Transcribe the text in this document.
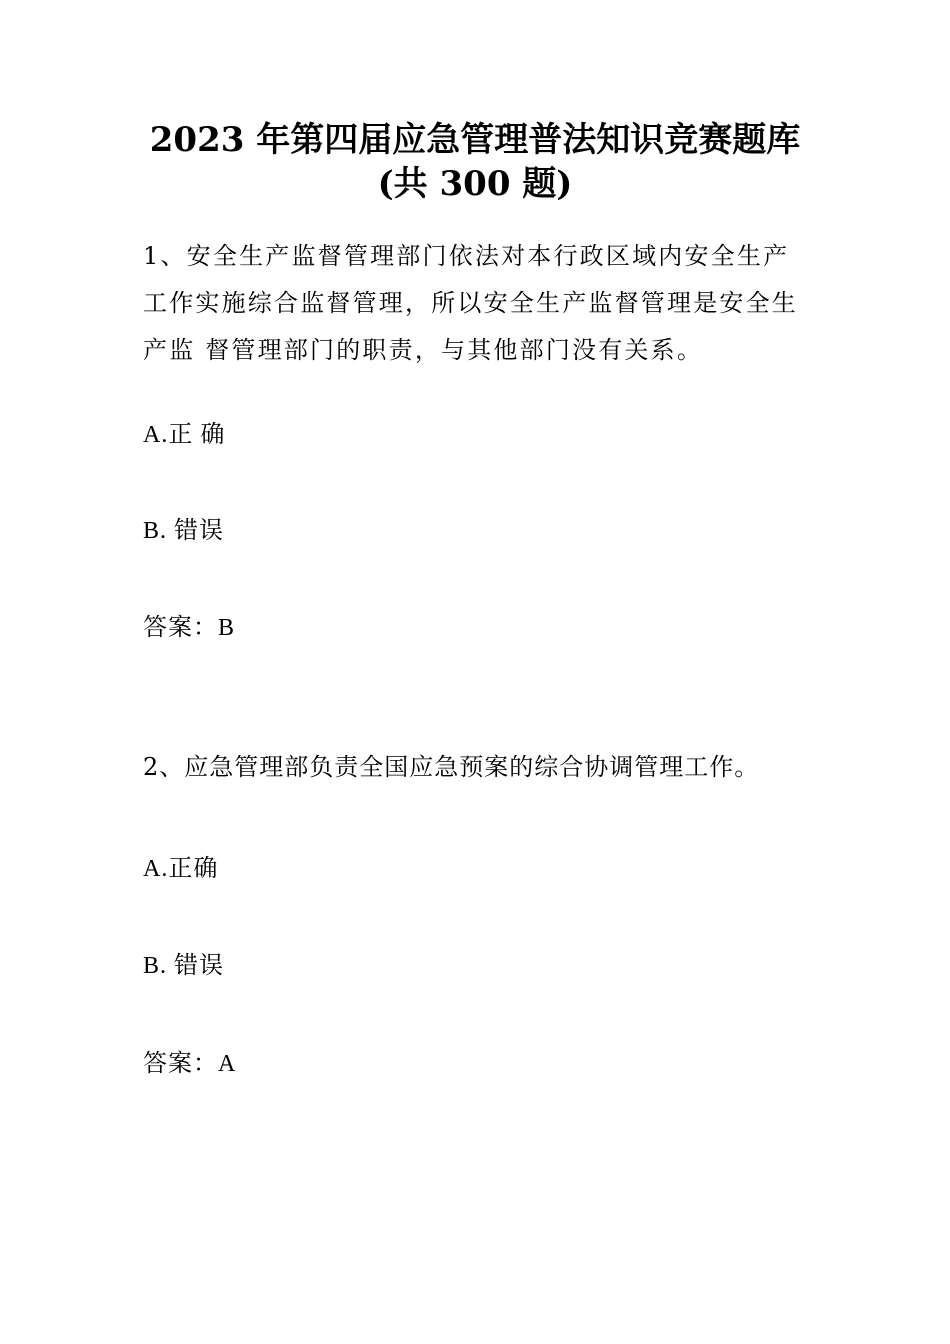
2023 年第四届应急管理普法知识竞赛题库

(共 300 题)

1、安全生产监督管理部门依法对本行政区域内安全生产工作实施综合监督管理，所以安全生产监督管理是安全生产监 督管理部门的职责，与其他部门没有关系。

A.正 确

B. 错误

答案：B

2、应急管理部负责全国应急预案的综合协调管理工作。

A.正确

B. 错误

答案：A
